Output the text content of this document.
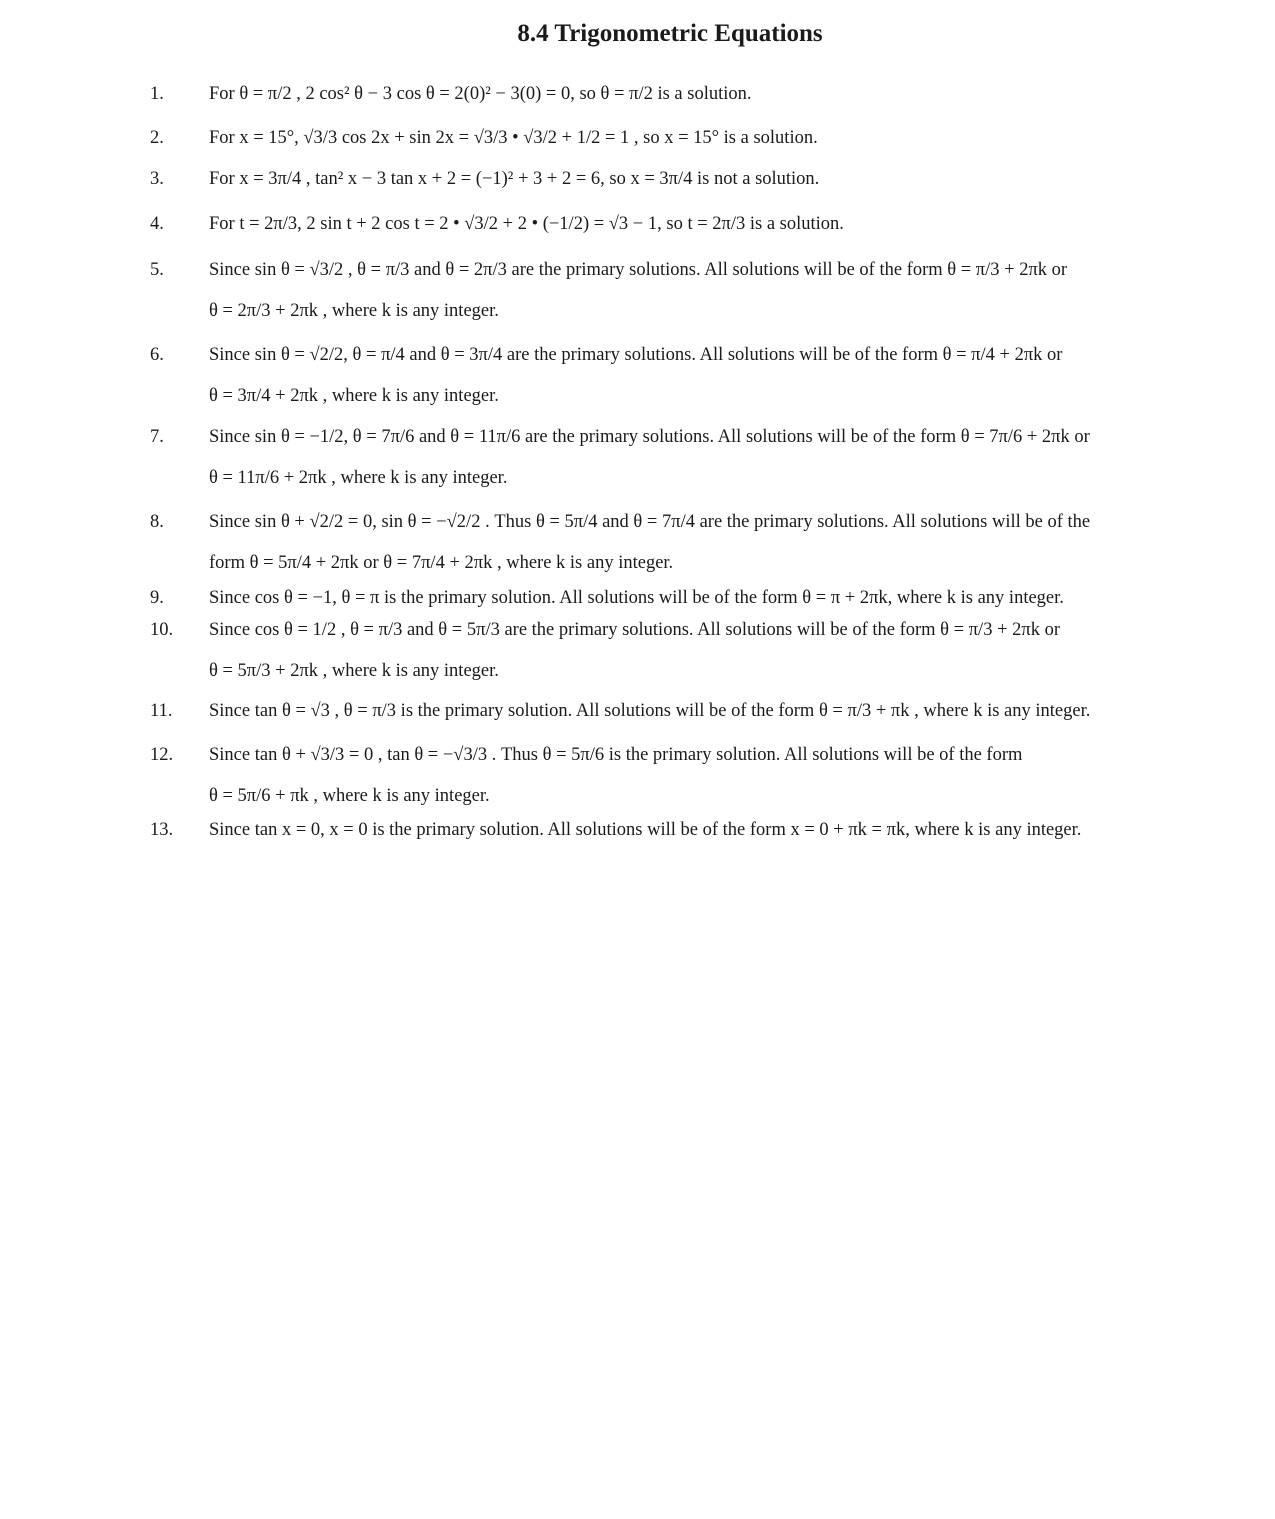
8.4 Trigonometric Equations
1.	For θ = π/2 , 2 cos² θ − 3 cos θ = 2(0)² − 3(0) = 0, so θ = π/2 is a solution.
2.	For x = 15°, √3/3 cos 2x + sin 2x = √3/3 • √3/2 + 1/2 = 1 , so x = 15° is a solution.
3.	For x = 3π/4 , tan² x − 3 tan x + 2 = (−1)² + 3 + 2 = 6, so x = 3π/4 is not a solution.
4.	For t = 2π/3, 2 sin t + 2 cos t = 2 • √3/2 + 2 • (−1/2) = √3 − 1, so t = 2π/3 is a solution.
5.	Since sin θ = √3/2 , θ = π/3 and θ = 2π/3 are the primary solutions. All solutions will be of the form θ = π/3 + 2πk or
θ = 2π/3 + 2πk , where k is any integer.
6.	Since sin θ = √2/2, θ = π/4 and θ = 3π/4 are the primary solutions. All solutions will be of the form θ = π/4 + 2πk or
θ = 3π/4 + 2πk , where k is any integer.
7.	Since sin θ = −1/2, θ = 7π/6 and θ = 11π/6 are the primary solutions. All solutions will be of the form θ = 7π/6 + 2πk or
θ = 11π/6 + 2πk , where k is any integer.
8.	Since sin θ + √2/2 = 0, sin θ = −√2/2 . Thus θ = 5π/4 and θ = 7π/4 are the primary solutions. All solutions will be of the
form θ = 5π/4 + 2πk or θ = 7π/4 + 2πk , where k is any integer.
9.	Since cos θ = −1, θ = π is the primary solution. All solutions will be of the form θ = π + 2πk, where k is any integer.
10.	Since cos θ = 1/2 , θ = π/3 and θ = 5π/3 are the primary solutions. All solutions will be of the form θ = π/3 + 2πk or
θ = 5π/3 + 2πk , where k is any integer.
11.	Since tan θ = √3 , θ = π/3 is the primary solution. All solutions will be of the form θ = π/3 + πk , where k is any integer.
12.	Since tan θ + √3/3 = 0 , tan θ = −√3/3 . Thus θ = 5π/6 is the primary solution. All solutions will be of the form
θ = 5π/6 + πk , where k is any integer.
13.	Since tan x = 0, x = 0 is the primary solution. All solutions will be of the form x = 0 + πk = πk, where k is any integer.
